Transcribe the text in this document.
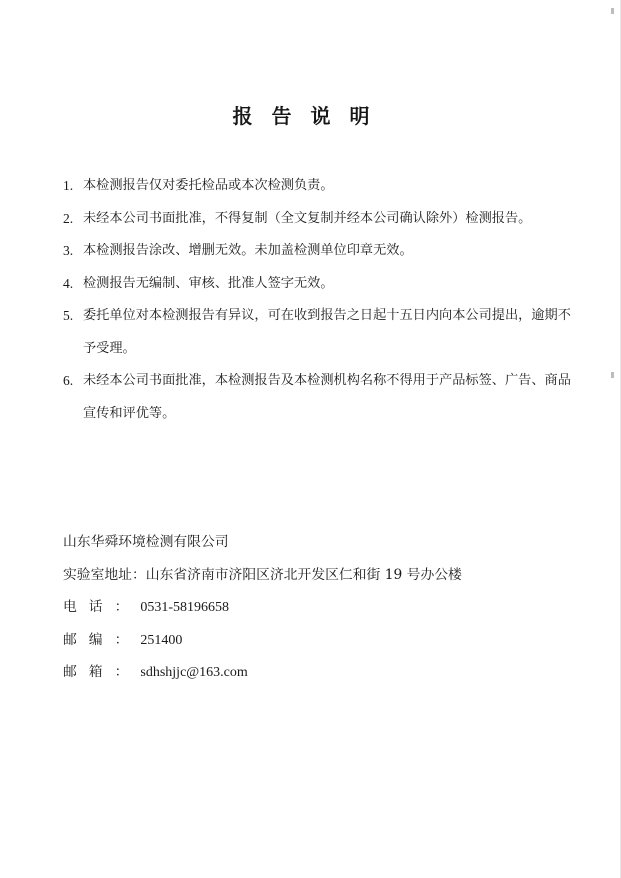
报告说明
1. 本检测报告仅对委托检品或本次检测负责。
2. 未经本公司书面批准，不得复制（全文复制并经本公司确认除外）检测报告。
3. 本检测报告涂改、增删无效。未加盖检测单位印章无效。
4. 检测报告无编制、审核、批准人签字无效。
5. 委托单位对本检测报告有异议，可在收到报告之日起十五日内向本公司提出，逾期不予受理。
6. 未经本公司书面批准，本检测报告及本检测机构名称不得用于产品标签、广告、商品宣传和评优等。
山东华舜环境检测有限公司
实验室地址：山东省济南市济阳区济北开发区仁和街 19 号办公楼
电话：0531-58196658
邮编：251400
邮箱：sdhshjjc@163.com
